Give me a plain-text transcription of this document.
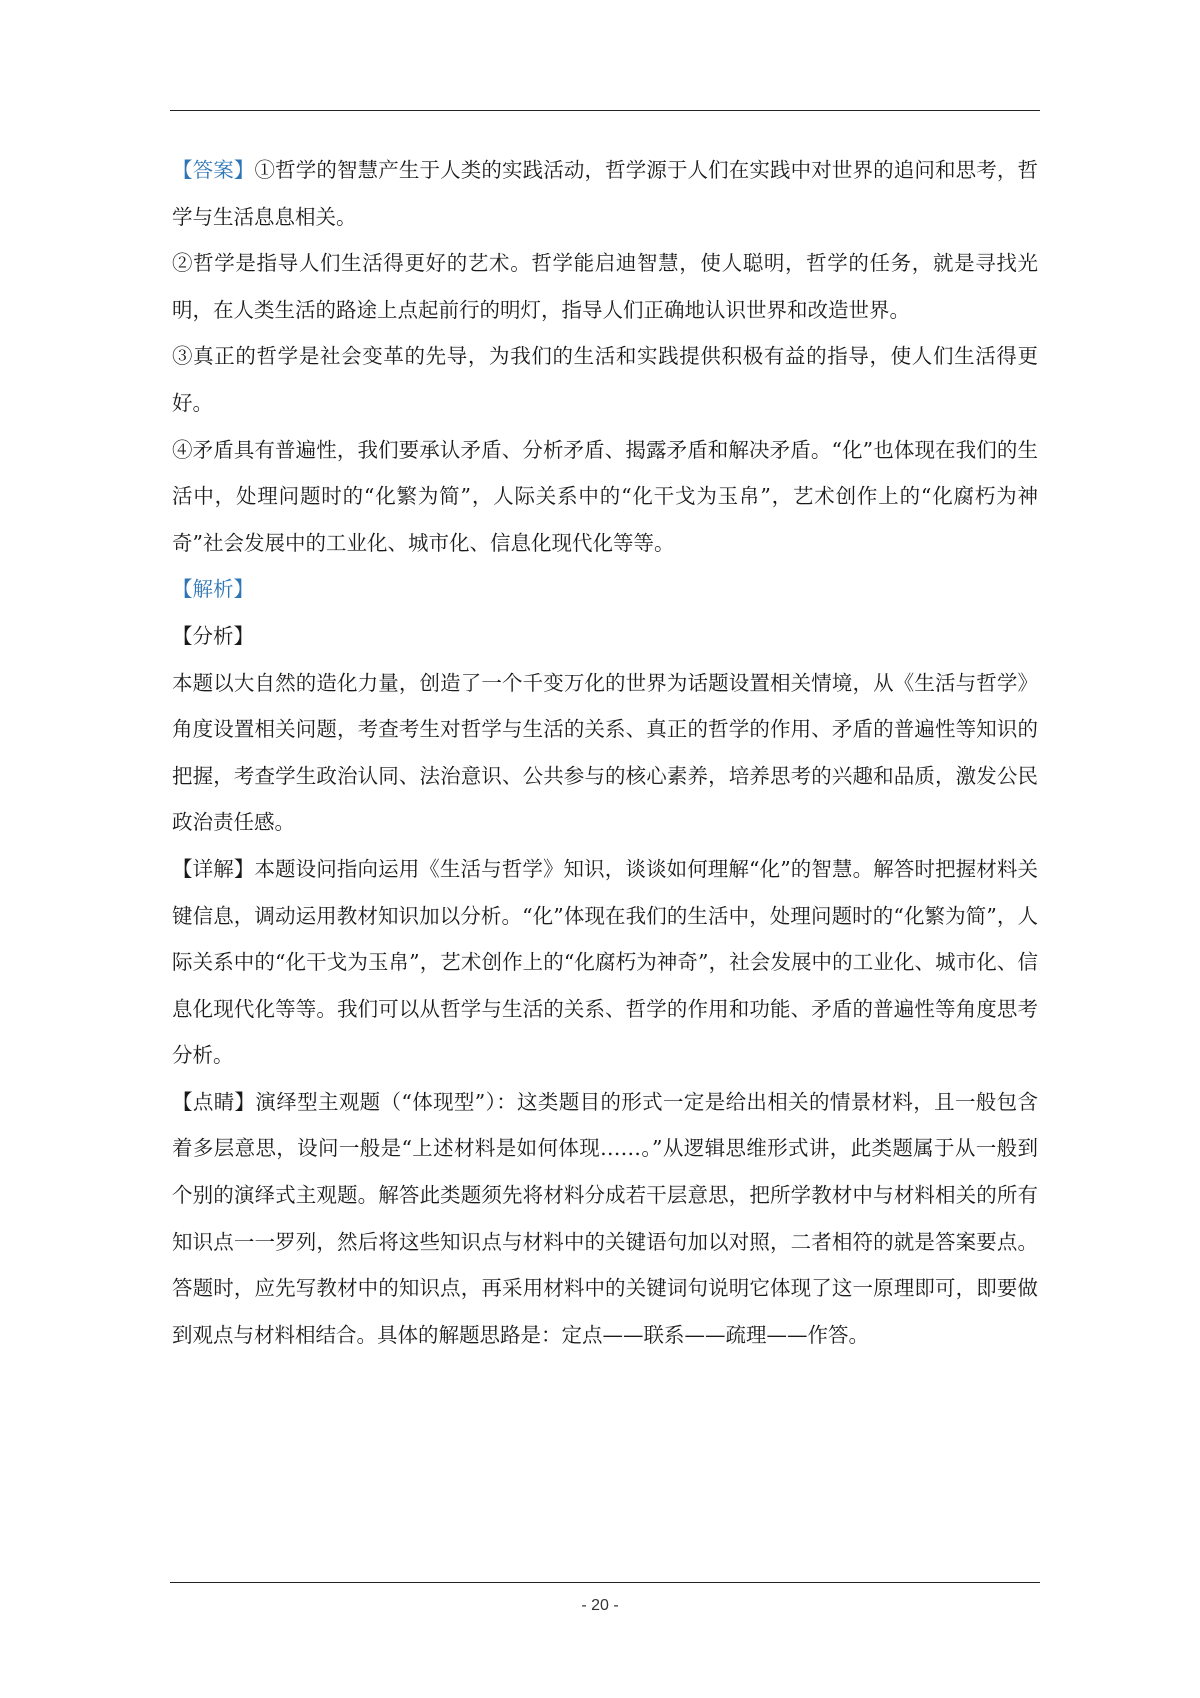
【答案】①哲学的智慧产生于人类的实践活动，哲学源于人们在实践中对世界的追问和思考，哲学与生活息息相关。

②哲学是指导人们生活得更好的艺术。哲学能启迪智慧，使人聪明，哲学的任务，就是寻找光明，在人类生活的路途上点起前行的明灯，指导人们正确地认识世界和改造世界。

③真正的哲学是社会变革的先导，为我们的生活和实践提供积极有益的指导，使人们生活得更好。

④矛盾具有普遍性，我们要承认矛盾、分析矛盾、揭露矛盾和解决矛盾。“化”也体现在我们的生活中，处理问题时的“化繁为简”，人际关系中的“化干戈为玉帛”，艺术创作上的“化腐朽为神奇”社会发展中的工业化、城市化、信息化现代化等等。

【解析】

【分析】

本题以大自然的造化力量，创造了一个千变万化的世界为话题设置相关情境，从《生活与哲学》角度设置相关问题，考查考生对哲学与生活的关系、真正的哲学的作用、矛盾的普遍性等知识的把握，考查学生政治认同、法治意识、公共参与的核心素养，培养思考的兴趣和品质，激发公民政治责任感。

【详解】本题设问指向运用《生活与哲学》知识，谈谈如何理解“化”的智慧。解答时把握材料关键信息，调动运用教材知识加以分析。“化”体现在我们的生活中，处理问题时的“化繁为简”，人际关系中的“化干戈为玉帛”，艺术创作上的“化腐朽为神奇”，社会发展中的工业化、城市化、信息化现代化等等。我们可以从哲学与生活的关系、哲学的作用和功能、矛盾的普遍性等角度思考分析。

【点睛】演绎型主观题（“体现型”）：这类题目的形式一定是给出相关的情景材料，且一般包含着多层意思，设问一般是“上述材料是如何体现……。”从逻辑思维形式讲，此类题属于从一般到个别的演绎式主观题。解答此类题须先将材料分成若干层意思，把所学教材中与材料相关的所有知识点一一罗列，然后将这些知识点与材料中的关键语句加以对照，二者相符的就是答案要点。答题时，应先写教材中的知识点，再采用材料中的关键词句说明它体现了这一原理即可，即要做到观点与材料相结合。具体的解题思路是：定点——联系——疏理——作答。

- 20 -
